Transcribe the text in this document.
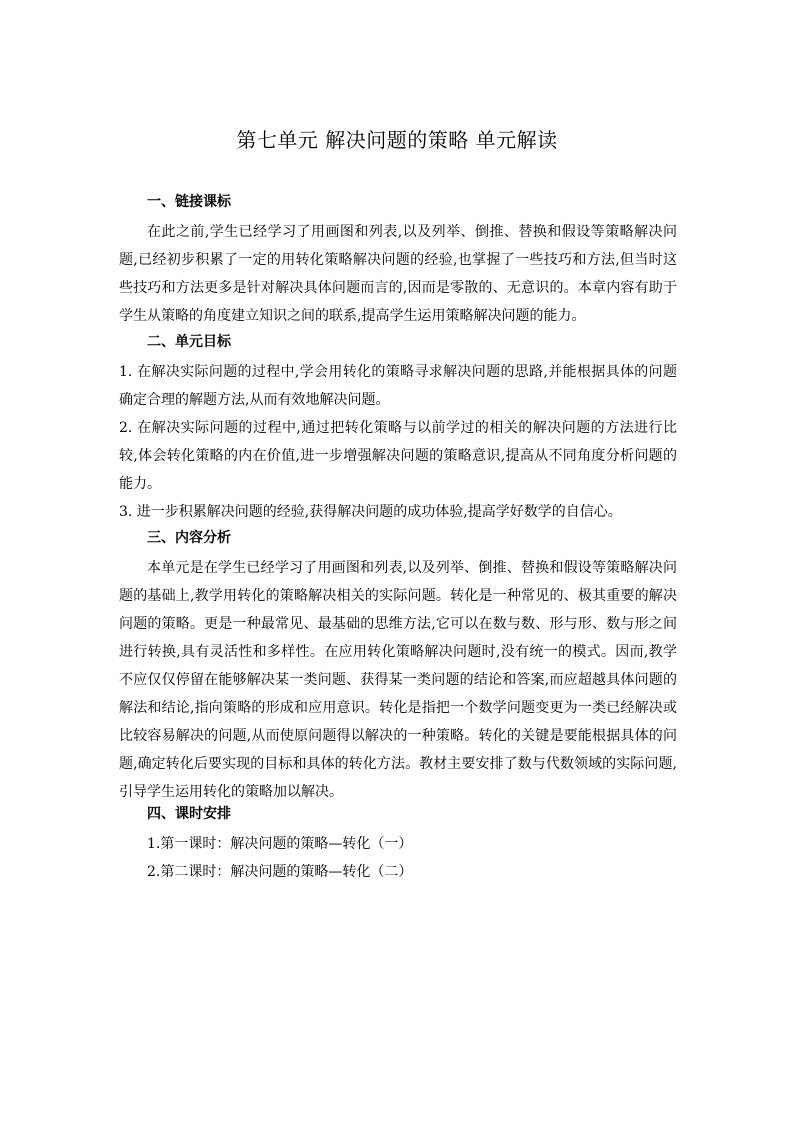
第七单元 解决问题的策略 单元解读
一、链接课标
在此之前,学生已经学习了用画图和列表,以及列举、倒推、替换和假设等策略解决问题,已经初步积累了一定的用转化策略解决问题的经验,也掌握了一些技巧和方法,但当时这些技巧和方法更多是针对解决具体问题而言的,因而是零散的、无意识的。本章内容有助于学生从策略的角度建立知识之间的联系,提高学生运用策略解决问题的能力。
二、单元目标
1. 在解决实际问题的过程中,学会用转化的策略寻求解决问题的思路,并能根据具体的问题确定合理的解题方法,从而有效地解决问题。
2. 在解决实际问题的过程中,通过把转化策略与以前学过的相关的解决问题的方法进行比较,体会转化策略的内在价值,进一步增强解决问题的策略意识,提高从不同角度分析问题的能力。
3. 进一步积累解决问题的经验,获得解决问题的成功体验,提高学好数学的自信心。
三、内容分析
本单元是在学生已经学习了用画图和列表,以及列举、倒推、替换和假设等策略解决问题的基础上,教学用转化的策略解决相关的实际问题。转化是一种常见的、极其重要的解决问题的策略。更是一种最常见、最基础的思维方法,它可以在数与数、形与形、数与形之间进行转换,具有灵活性和多样性。在应用转化策略解决问题时,没有统一的模式。因而,教学不应仅仅停留在能够解决某一类问题、获得某一类问题的结论和答案,而应超越具体问题的解法和结论,指向策略的形成和应用意识。转化是指把一个数学问题变更为一类已经解决或比较容易解决的问题,从而使原问题得以解决的一种策略。转化的关键是要能根据具体的问题,确定转化后要实现的目标和具体的转化方法。教材主要安排了数与代数领域的实际问题,引导学生运用转化的策略加以解决。
四、课时安排
1.第一课时：解决问题的策略—转化（一）
2.第二课时：解决问题的策略—转化（二）
